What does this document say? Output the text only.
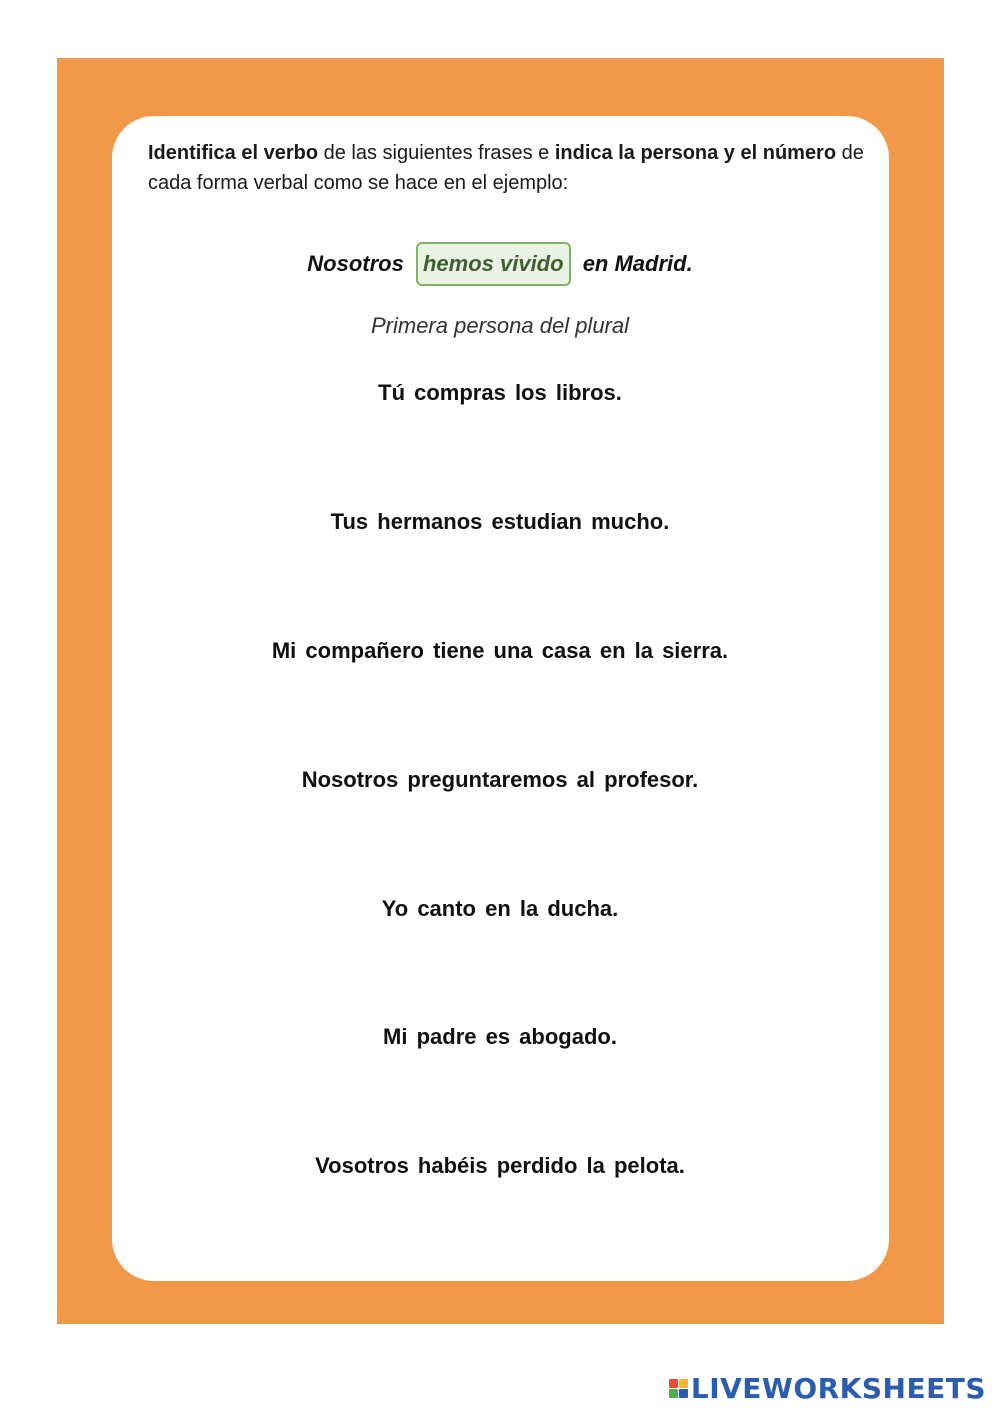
Identifica el verbo de las siguientes frases e indica la persona y el número de cada forma verbal como se hace en el ejemplo:
Nosotros hemos vivido en Madrid.
Primera persona del plural
Tú compras los libros.
Tus hermanos estudian mucho.
Mi compañero tiene una casa en la sierra.
Nosotros preguntaremos al profesor.
Yo canto en la ducha.
Mi padre es abogado.
Vosotros habéis perdido la pelota.
LIVEWORKSHEETS
